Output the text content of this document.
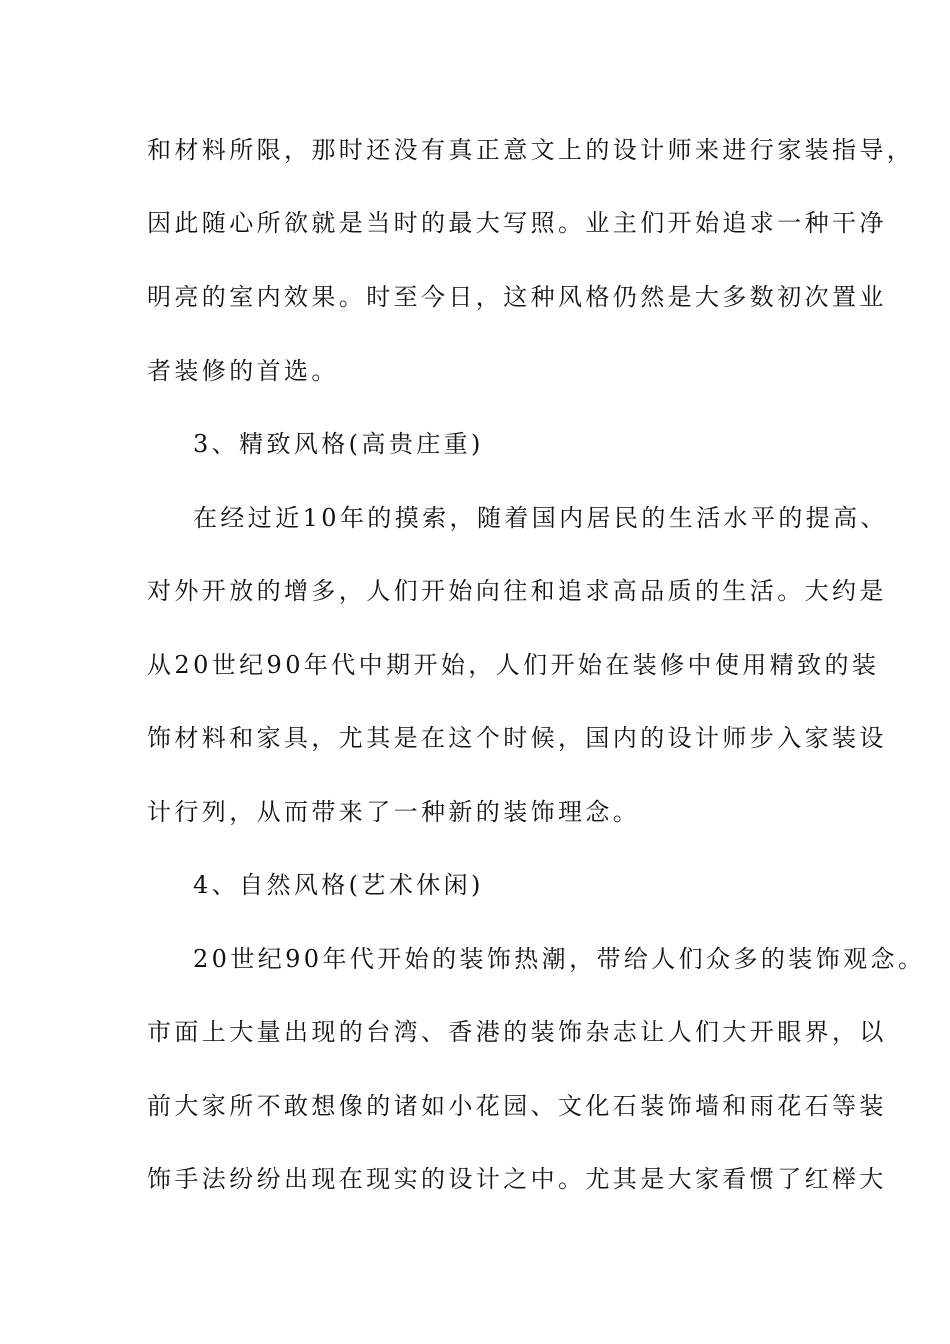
和材料所限，那时还没有真正意文上的设计师来进行家装指导，
因此随心所欲就是当时的最大写照。业主们开始追求一种干净
明亮的室内效果。时至今日，这种风格仍然是大多数初次置业
者装修的首选。
3、精致风格(高贵庄重)
在经过近10年的摸索，随着国内居民的生活水平的提高、
对外开放的增多，人们开始向往和追求高品质的生活。大约是
从20世纪90年代中期开始，人们开始在装修中使用精致的装
饰材料和家具，尤其是在这个时候，国内的设计师步入家装设
计行列，从而带来了一种新的装饰理念。
4、自然风格(艺术休闲)
20世纪90年代开始的装饰热潮，带给人们众多的装饰观念。
市面上大量出现的台湾、香港的装饰杂志让人们大开眼界，以
前大家所不敢想像的诸如小花园、文化石装饰墙和雨花石等装
饰手法纷纷出现在现实的设计之中。尤其是大家看惯了红榉大
